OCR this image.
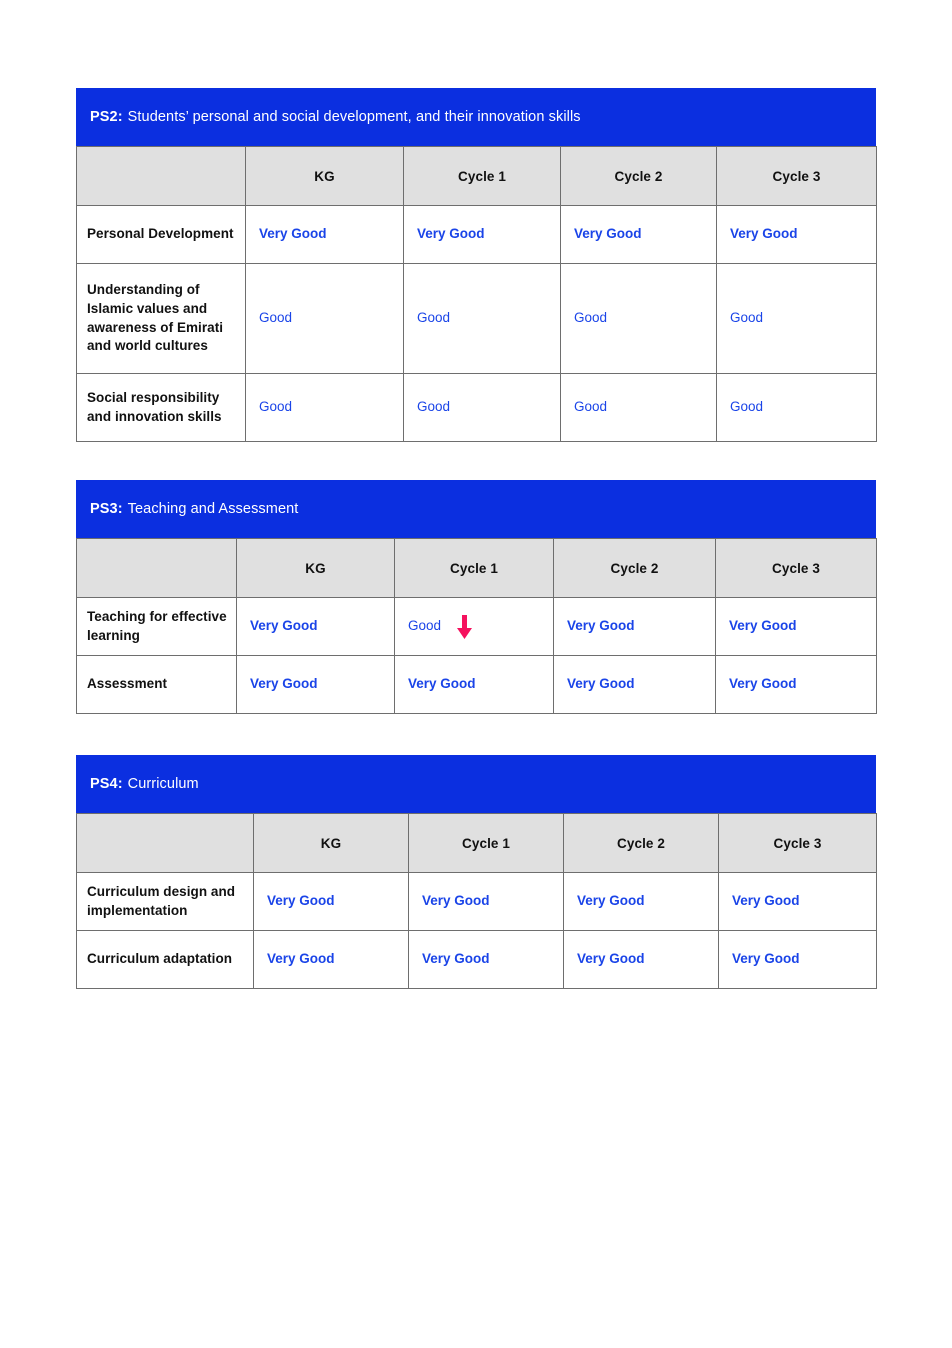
PS2: Students’ personal and social development, and their innovation skills
	KG	Cycle 1	Cycle 2	Cycle 3
Personal Development	Very Good	Very Good	Very Good	Very Good

Understanding of Islamic values and awareness of Emirati and world cultures	Good	Good	Good	Good

Social responsibility and innovation skills	Good	Good	Good	Good
PS3: Teaching and Assessment
	KG	Cycle 1	Cycle 2	Cycle 3
Teaching for effective learning	Very Good	Good	Very Good	Very Good

Assessment	Very Good	Very Good	Very Good	Very Good
PS4: Curriculum
	KG	Cycle 1	Cycle 2	Cycle 3
Curriculum design and implementation	Very Good	Very Good	Very Good	Very Good

Curriculum adaptation	Very Good	Very Good	Very Good	Very Good
